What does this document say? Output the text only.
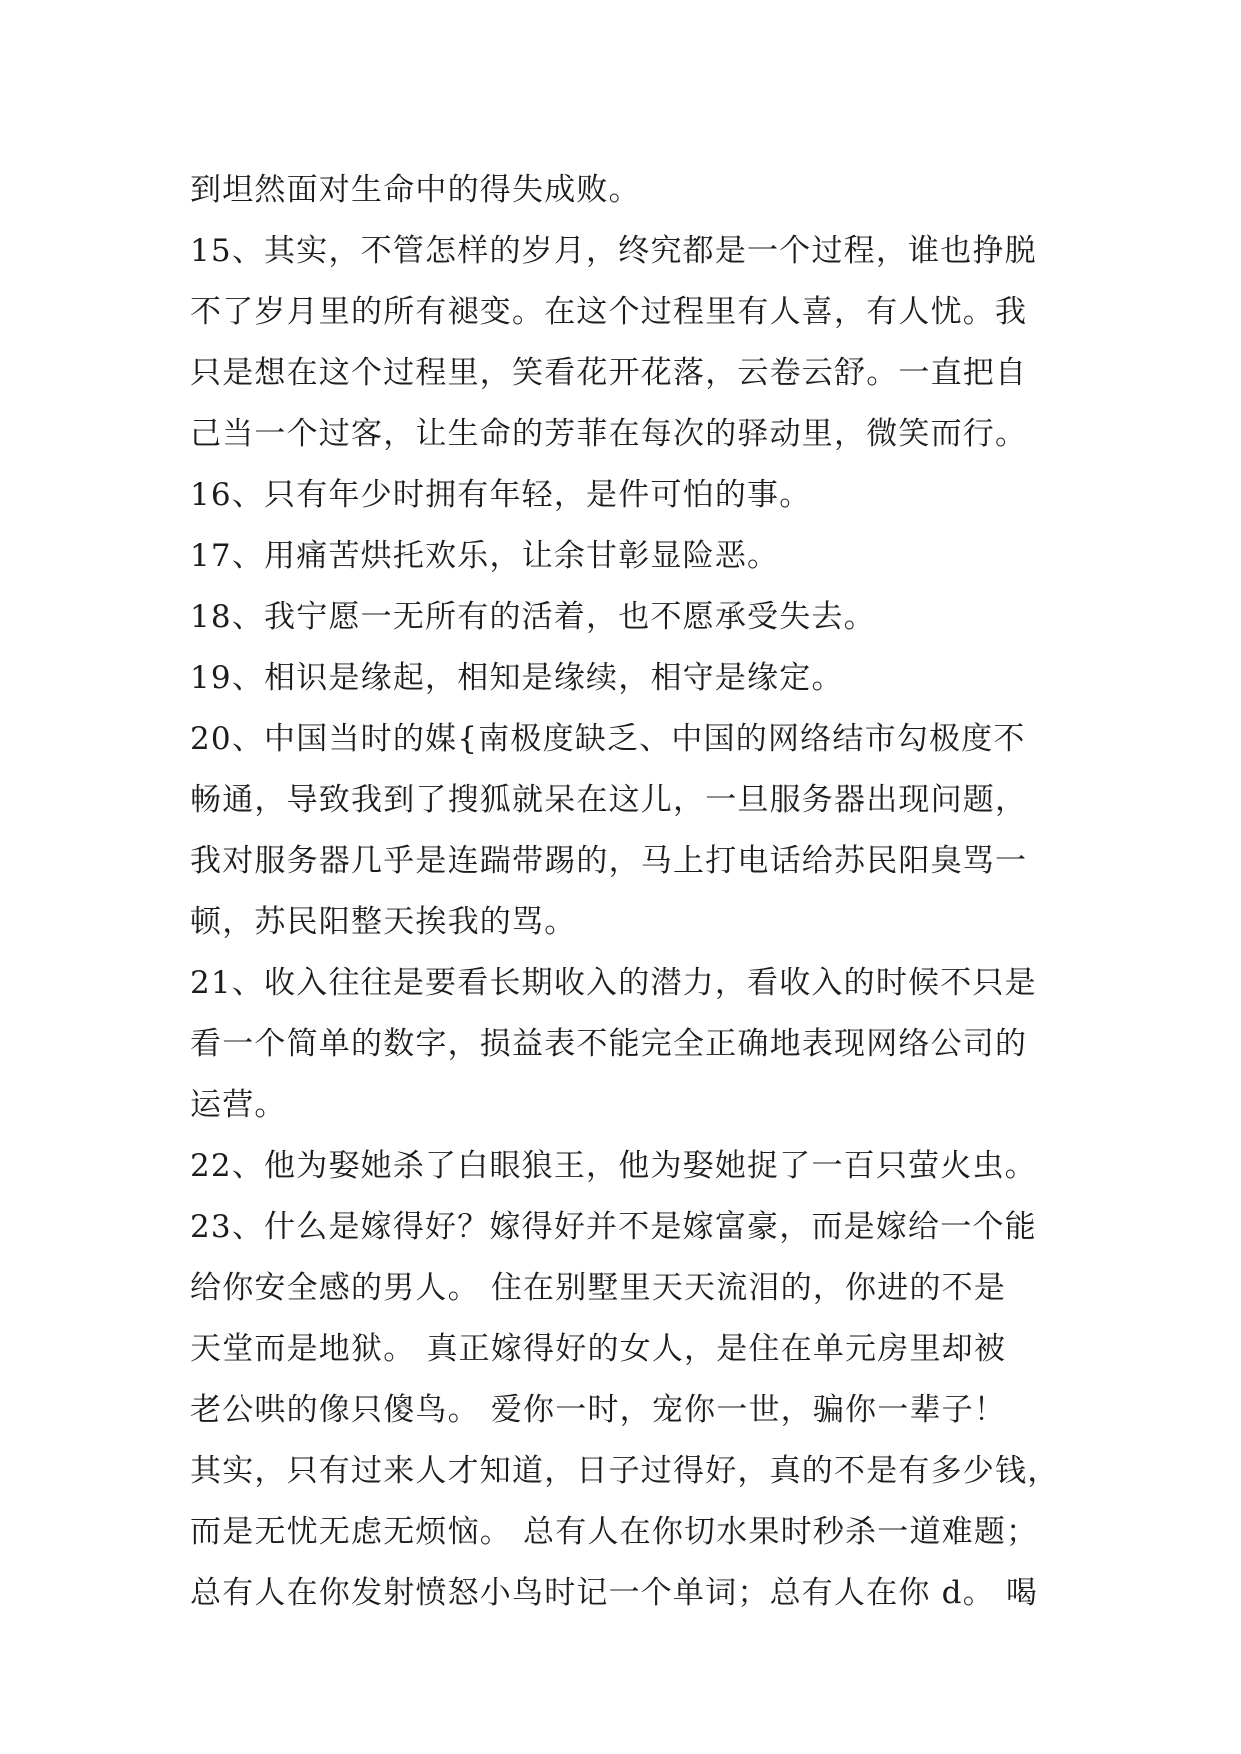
到坦然面对生命中的得失成败。
15、其实，不管怎样的岁月，终究都是一个过程，谁也挣脱
不了岁月里的所有褪变。在这个过程里有人喜，有人忧。我
只是想在这个过程里，笑看花开花落，云卷云舒。一直把自
己当一个过客，让生命的芳菲在每次的驿动里，微笑而行。
16、只有年少时拥有年轻，是件可怕的事。
17、用痛苦烘托欢乐，让余甘彰显险恶。
18、我宁愿一无所有的活着，也不愿承受失去。
19、相识是缘起，相知是缘续，相守是缘定。
20、中国当时的媒{南极度缺乏、中国的网络结市勾极度不
畅通，导致我到了搜狐就呆在这儿，一旦服务器出现问题，
我对服务器几乎是连踹带踢的，马上打电话给苏民阳臭骂一
顿，苏民阳整天挨我的骂。
21、收入往往是要看长期收入的潜力，看收入的时候不只是
看一个简单的数字，损益表不能完全正确地表现网络公司的
运营。
22、他为娶她杀了白眼狼王，他为娶她捉了一百只萤火虫。
23、什么是嫁得好？嫁得好并不是嫁富豪，而是嫁给一个能
给你安全感的男人。 住在别墅里天天流泪的，你进的不是
天堂而是地狱。 真正嫁得好的女人，是住在单元房里却被
老公哄的像只傻鸟。 爱你一时，宠你一世，骗你一辈子！
其实，只有过来人才知道，日子过得好，真的不是有多少钱，
而是无忧无虑无烦恼。 总有人在你切水果时秒杀一道难题；
总有人在你发射愤怒小鸟时记一个单词；总有人在你 d。 喝
